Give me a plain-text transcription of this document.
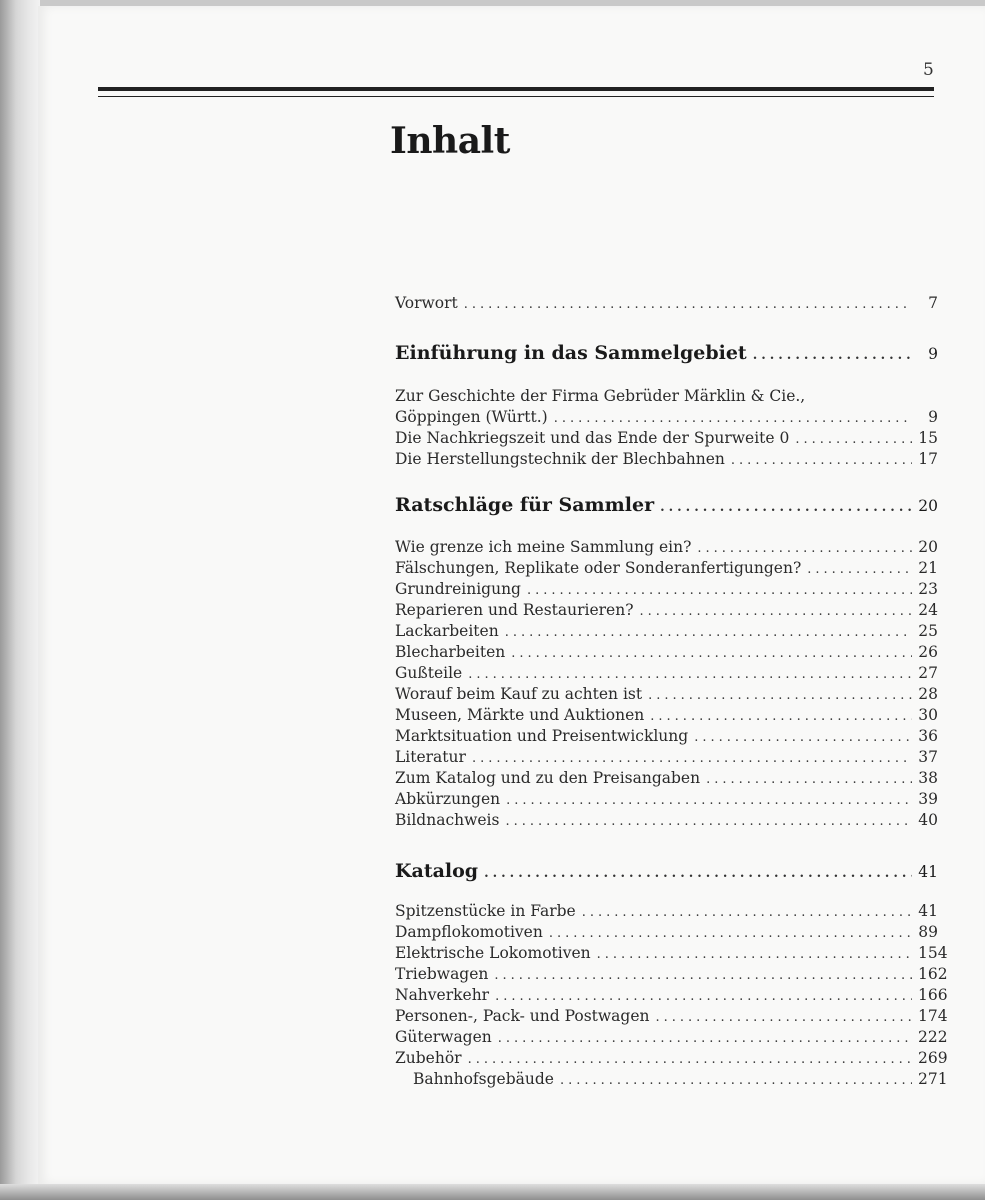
5
Inhalt
Vorwort .....	7
Einführung in das Sammelgebiet .....	9
Zur Geschichte der Firma Gebrüder Märklin & Cie.,
Göppingen (Württ.) .....	9
Die Nachkriegszeit und das Ende der Spurweite 0 .....	15
Die Herstellungstechnik der Blechbahnen .....	17
Ratschläge für Sammler .....	20
Wie grenze ich meine Sammlung ein? .....	20
Fälschungen, Replikate oder Sonderanfertigungen? .....	21
Grundreinigung .....	23
Reparieren und Restaurieren? .....	24
Lackarbeiten .....	25
Blecharbeiten .....	26
Gußteile .....	27
Worauf beim Kauf zu achten ist .....	28
Museen, Märkte und Auktionen .....	30
Marktsituation und Preisentwicklung .....	36
Literatur .....	37
Zum Katalog und zu den Preisangaben .....	38
Abkürzungen .....	39
Bildnachweis .....	40
Katalog .....	41
Spitzenstücke in Farbe .....	41
Dampflokomotiven .....	89
Elektrische Lokomotiven .....	154
Triebwagen .....	162
Nahverkehr .....	166
Personen-, Pack- und Postwagen .....	174
Güterwagen .....	222
Zubehör .....	269
Bahnhofsgebäude .....	271
